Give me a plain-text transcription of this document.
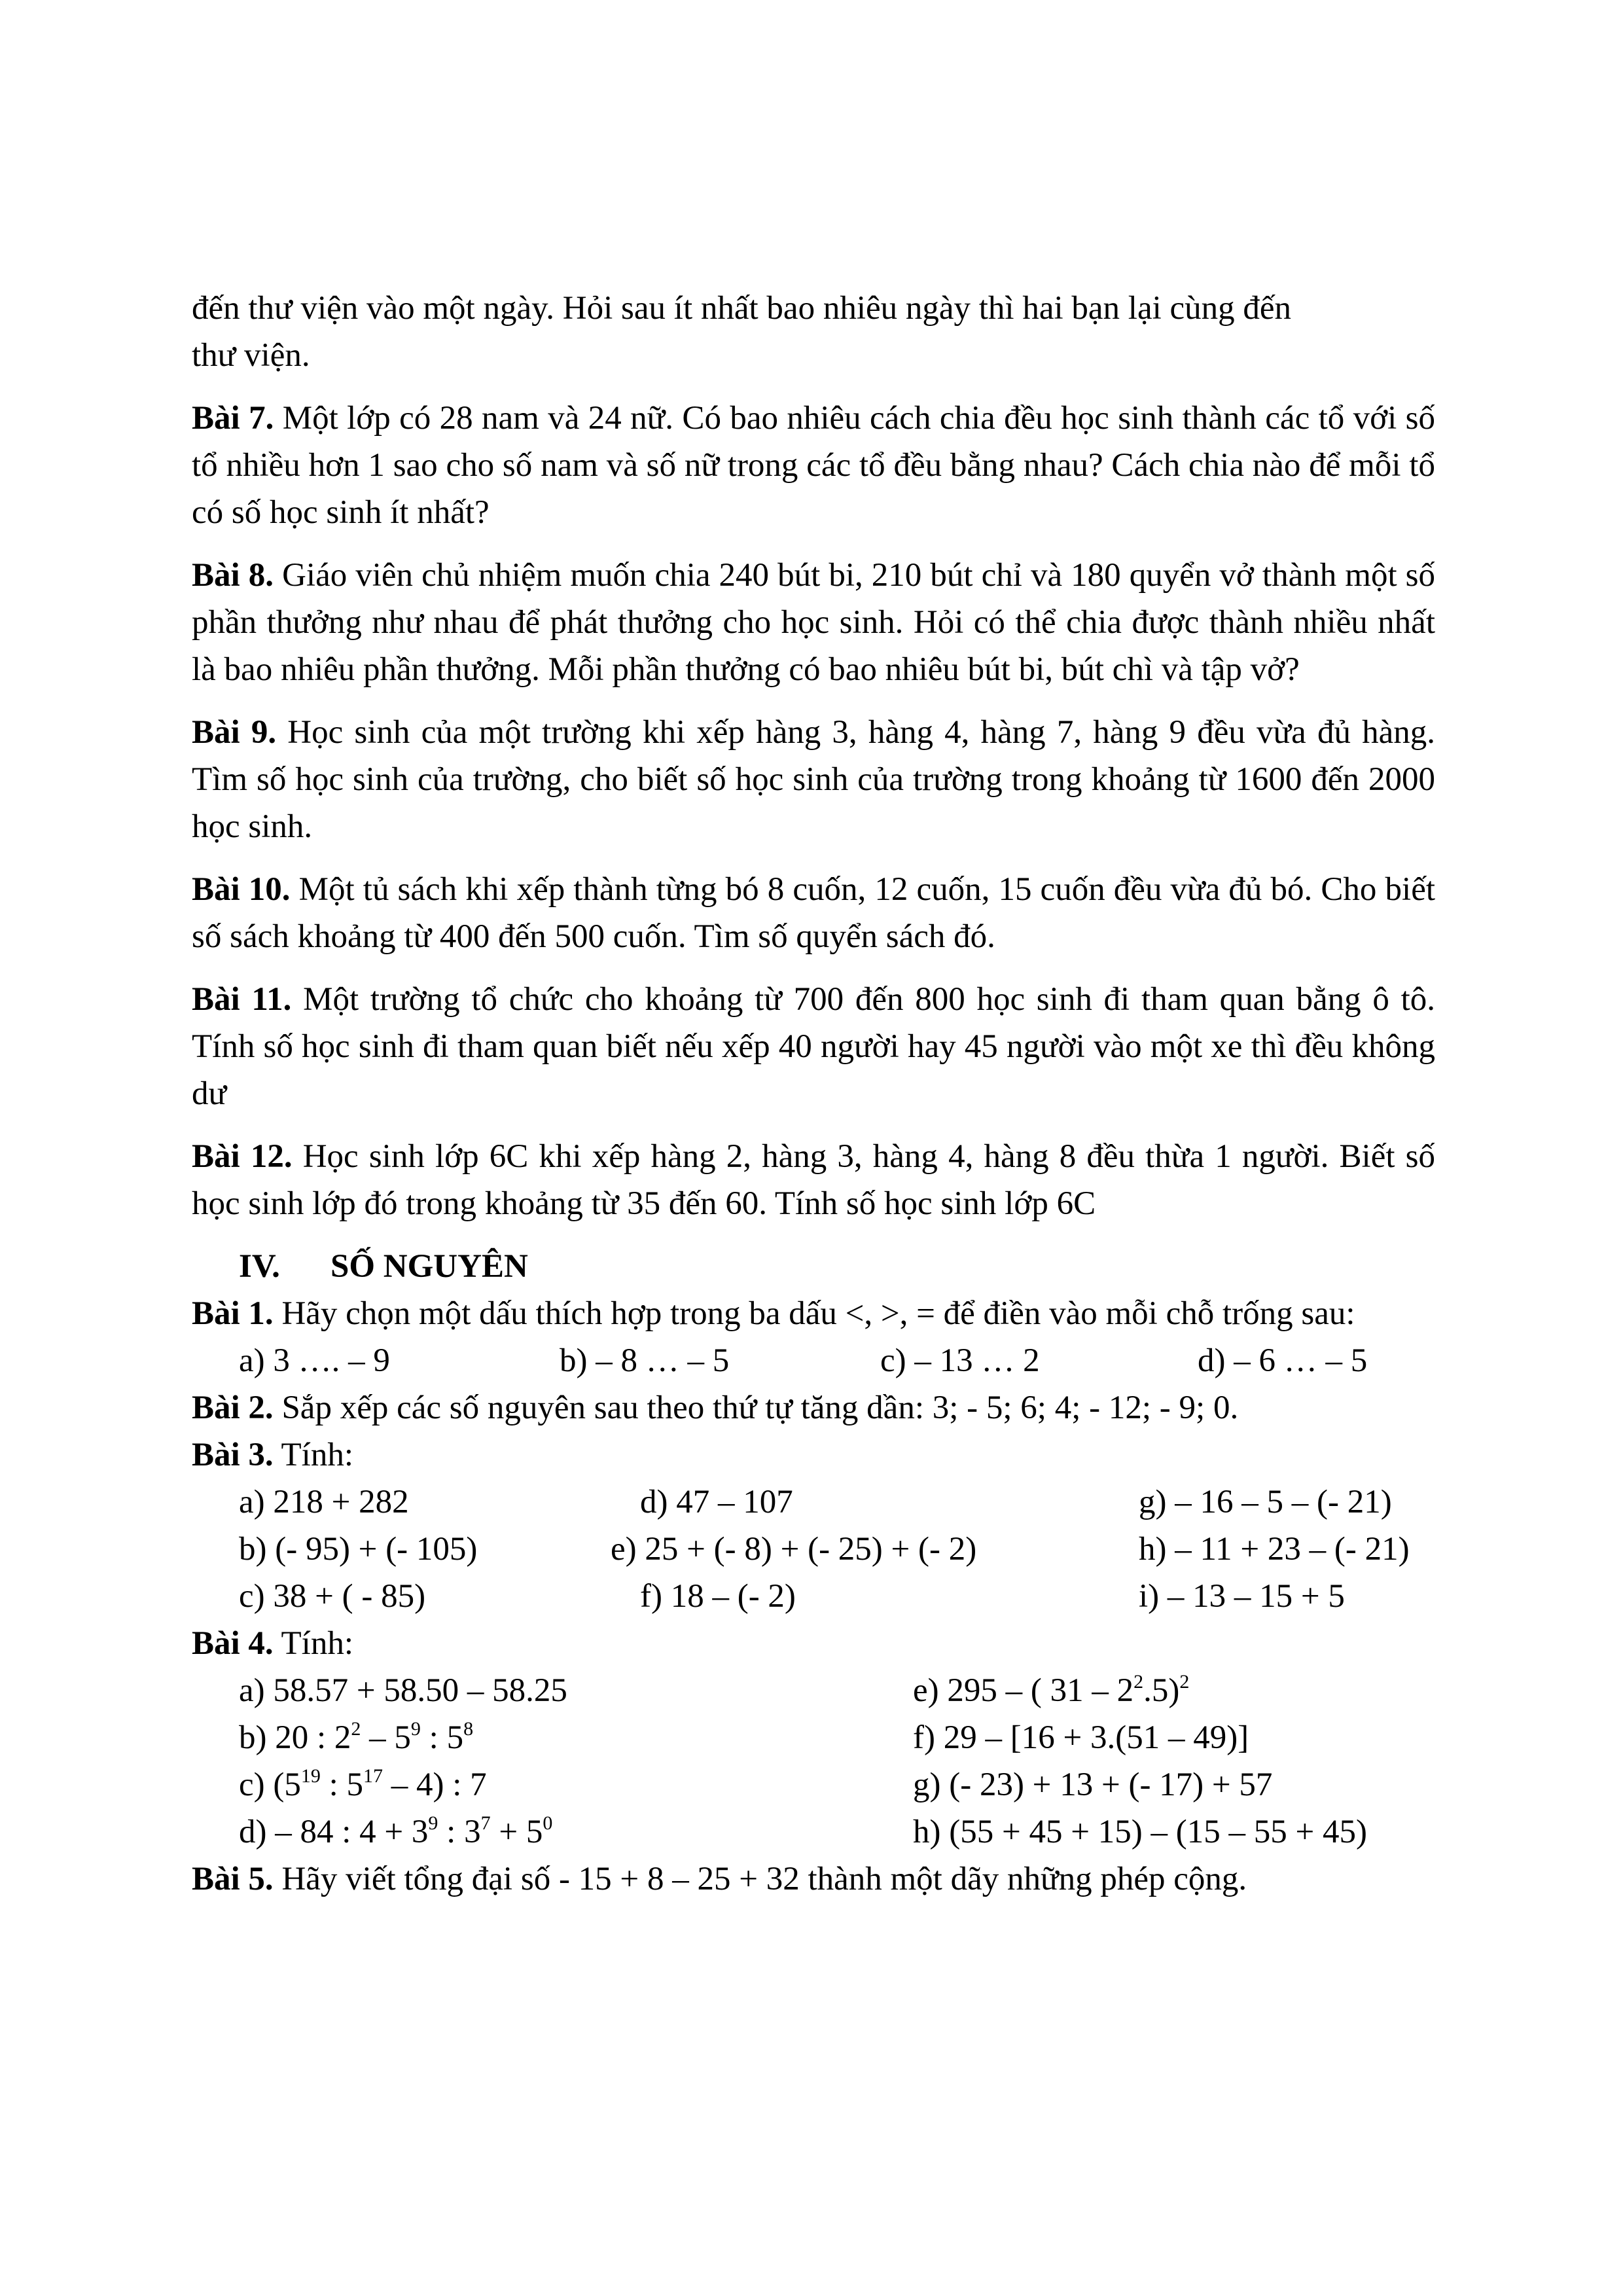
đến thư viện vào một ngày. Hỏi sau ít nhất bao nhiêu ngày thì hai bạn lại cùng đến
thư viện.

Bài 7. Một lớp có 28 nam và 24 nữ. Có bao nhiêu cách chia đều học sinh thành các tổ với số tổ nhiều hơn 1 sao cho số nam và số nữ trong các tổ đều bằng nhau? Cách chia nào để mỗi tổ có số học sinh ít nhất?

Bài 8. Giáo viên chủ nhiệm muốn chia 240 bút bi, 210 bút chỉ và 180 quyển vở thành một số phần thưởng như nhau để phát thưởng cho học sinh. Hỏi có thể chia được thành nhiều nhất là bao nhiêu phần thưởng. Mỗi phần thưởng có bao nhiêu bút bi, bút chì và tập vở?

Bài 9. Học sinh của một trường khi xếp hàng 3, hàng 4, hàng 7, hàng 9 đều vừa đủ hàng. Tìm số học sinh của trường, cho biết số học sinh của trường trong khoảng từ 1600 đến 2000 học sinh.

Bài 10. Một tủ sách khi xếp thành từng bó 8 cuốn, 12 cuốn, 15 cuốn đều vừa đủ bó. Cho biết số sách khoảng từ 400 đến 500 cuốn. Tìm số quyển sách đó.

Bài 11. Một trường tổ chức cho khoảng từ 700 đến 800 học sinh đi tham quan bằng ô tô. Tính số học sinh đi tham quan biết nếu xếp 40 người hay 45 người vào một xe thì đều không dư

Bài 12. Học sinh lớp 6C khi xếp hàng 2, hàng 3, hàng 4, hàng 8 đều thừa 1 người. Biết số học sinh lớp đó trong khoảng từ 35 đến 60. Tính số học sinh lớp 6C

IV.	SỐ NGUYÊN

Bài 1. Hãy chọn một dấu thích hợp trong ba dấu <, >, = để điền vào mỗi chỗ trống sau:

a) 3 …. – 9	b) – 8 … – 5	c) – 13 … 2	d) – 6 … – 5

Bài 2. Sắp xếp các số nguyên sau theo thứ tự tăng dần: 3; - 5; 6; 4; - 12; - 9; 0.

Bài 3. Tính:

a) 218 + 282	d) 47 – 107	g) – 16 – 5 – (- 21)
b) (- 95) + (- 105)	e) 25 + (- 8) + (- 25) + (- 2)	h) – 11 + 23 – (- 21)
c) 38 + ( - 85)	f) 18 – (- 2)	i) – 13 – 15 + 5

Bài 4. Tính:

a) 58.57 + 58.50 – 58.25	e) 295 – ( $31 - 2^2.5)^2$
b) 20 : $2^2 - 5^9$ : $5^8$	f) 29 – [16 + 3.(51 – 49)]
c) ($5^{19}$ : $5^{17} - 4$) : 7	g) (- 23) + 13 + (- 17) + 57
d) – 84 : $4 + 3^9$ : $3^7 + 5^0$	h) (55 + 45 + 15) – (15 – 55 + 45)

Bài 5. Hãy viết tổng đại số - 15 + 8 – 25 + 32 thành một dãy những phép cộng.
